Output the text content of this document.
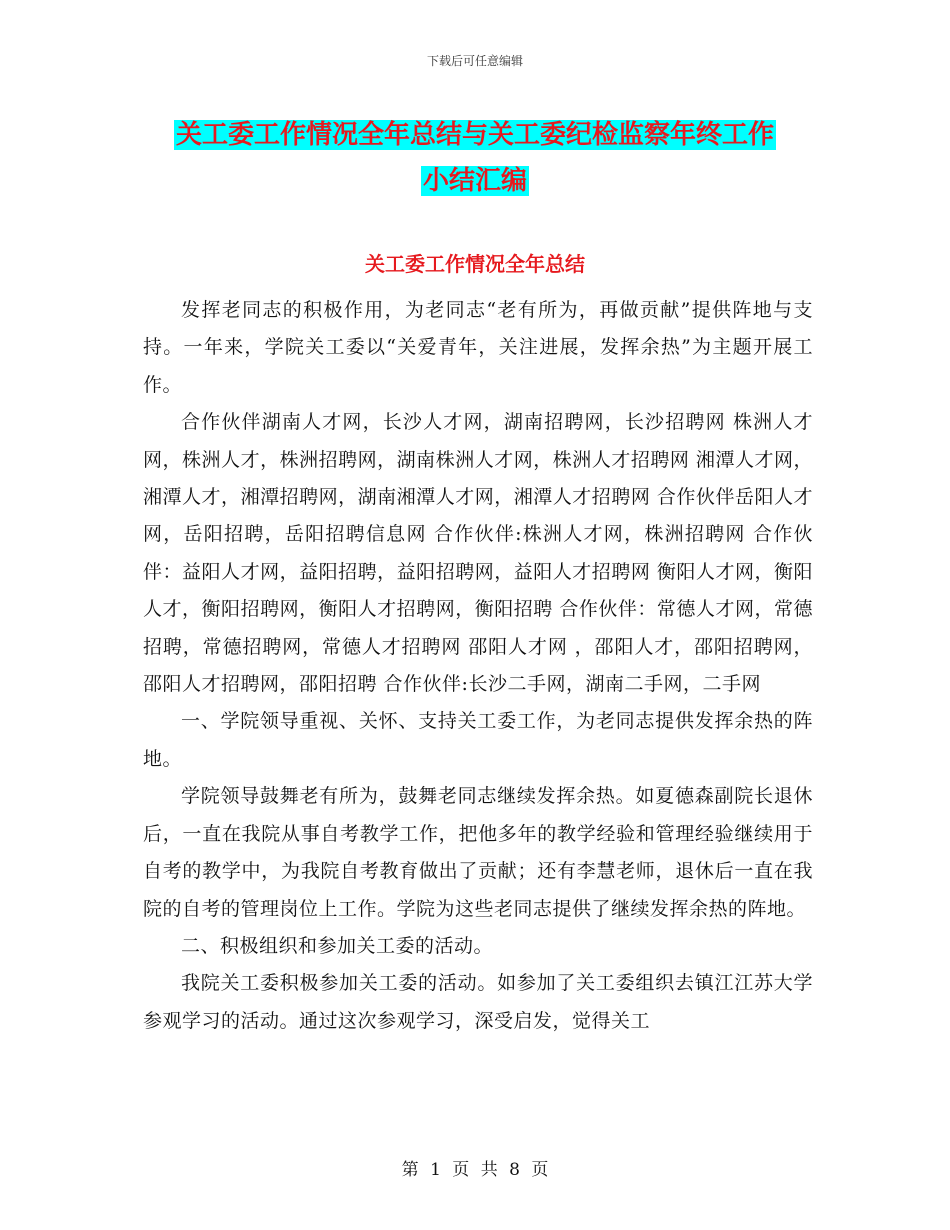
下载后可任意编辑
关工委工作情况全年总结与关工委纪检监察年终工作
小结汇编
关工委工作情况全年总结

发挥老同志的积极作用，为老同志“老有所为，再做贡献”提供阵地与支持。一年来，学院关工委以“关爱青年，关注进展，发挥余热”为主题开展工作。

合作伙伴湖南人才网，长沙人才网，湖南招聘网，长沙招聘网 株洲人才网，株洲人才，株洲招聘网，湖南株洲人才网，株洲人才招聘网 湘潭人才网，湘潭人才，湘潭招聘网，湖南湘潭人才网，湘潭人才招聘网 合作伙伴岳阳人才网，岳阳招聘，岳阳招聘信息网 合作伙伴:株洲人才网，株洲招聘网 合作伙伴：益阳人才网，益阳招聘，益阳招聘网，益阳人才招聘网 衡阳人才网，衡阳人才，衡阳招聘网，衡阳人才招聘网，衡阳招聘 合作伙伴：常德人才网，常德招聘，常德招聘网，常德人才招聘网 邵阳人才网 ，邵阳人才，邵阳招聘网，邵阳人才招聘网，邵阳招聘 合作伙伴:长沙二手网，湖南二手网，二手网

一、学院领导重视、关怀、支持关工委工作，为老同志提供发挥余热的阵地。

学院领导鼓舞老有所为，鼓舞老同志继续发挥余热。如夏德森副院长退休后，一直在我院从事自考教学工作，把他多年的教学经验和管理经验继续用于自考的教学中，为我院自考教育做出了贡献；还有李慧老师，退休后一直在我院的自考的管理岗位上工作。学院为这些老同志提供了继续发挥余热的阵地。

二、积极组织和参加关工委的活动。

我院关工委积极参加关工委的活动。如参加了关工委组织去镇江江苏大学参观学习的活动。通过这次参观学习，深受启发，觉得关工

第 1 页 共 8 页
